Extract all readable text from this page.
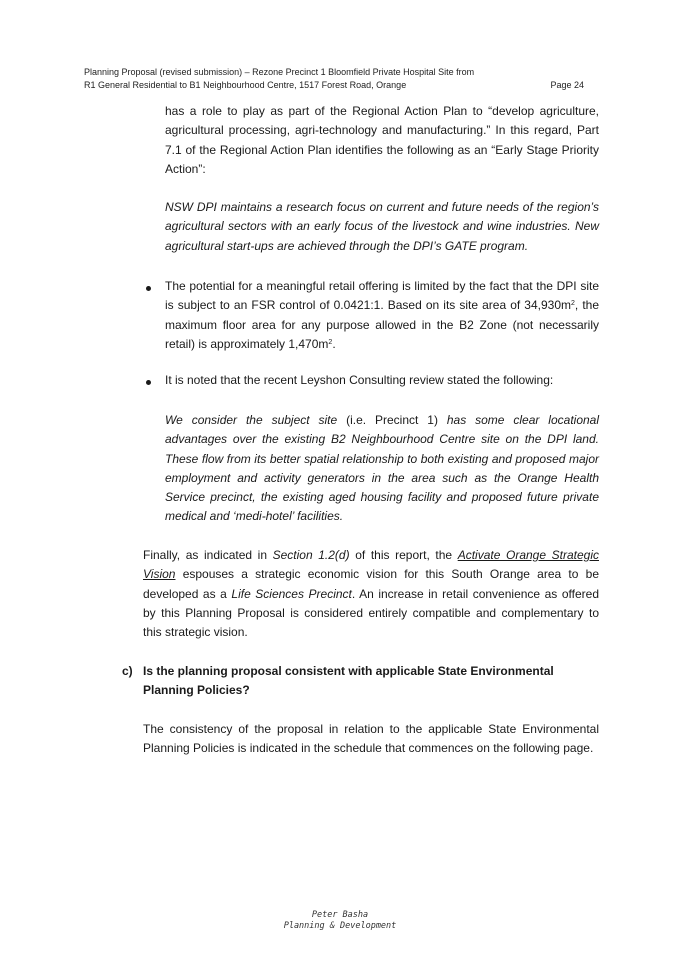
Planning Proposal (revised submission) – Rezone Precinct 1 Bloomfield Private Hospital Site from
R1 General Residential to B1 Neighbourhood Centre, 1517 Forest Road, Orange	Page 24
has a role to play as part of the Regional Action Plan to “develop agriculture, agricultural processing, agri-technology and manufacturing.” In this regard, Part 7.1 of the Regional Action Plan identifies the following as an “Early Stage Priority Action”:
NSW DPI maintains a research focus on current and future needs of the region’s agricultural sectors with an early focus of the livestock and wine industries. New agricultural start-ups are achieved through the DPI’s GATE program.
The potential for a meaningful retail offering is limited by the fact that the DPI site is subject to an FSR control of 0.0421:1. Based on its site area of $34,930m^2$, the maximum floor area for any purpose allowed in the B2 Zone (not necessarily retail) is approximately $1,470m^2$.
It is noted that the recent Leyshon Consulting review stated the following:
We consider the subject site (i.e. Precinct 1) has some clear locational advantages over the existing B2 Neighbourhood Centre site on the DPI land. These flow from its better spatial relationship to both existing and proposed major employment and activity generators in the area such as the Orange Health Service precinct, the existing aged housing facility and proposed future private medical and ‘medi-hotel’ facilities.
Finally, as indicated in Section 1.2(d) of this report, the Activate Orange Strategic Vision espouses a strategic economic vision for this South Orange area to be developed as a Life Sciences Precinct. An increase in retail convenience as offered by this Planning Proposal is considered entirely compatible and complementary to this strategic vision.
c) Is the planning proposal consistent with applicable State Environmental Planning Policies?
The consistency of the proposal in relation to the applicable State Environmental Planning Policies is indicated in the schedule that commences on the following page.
Peter Basha
Planning & Development
